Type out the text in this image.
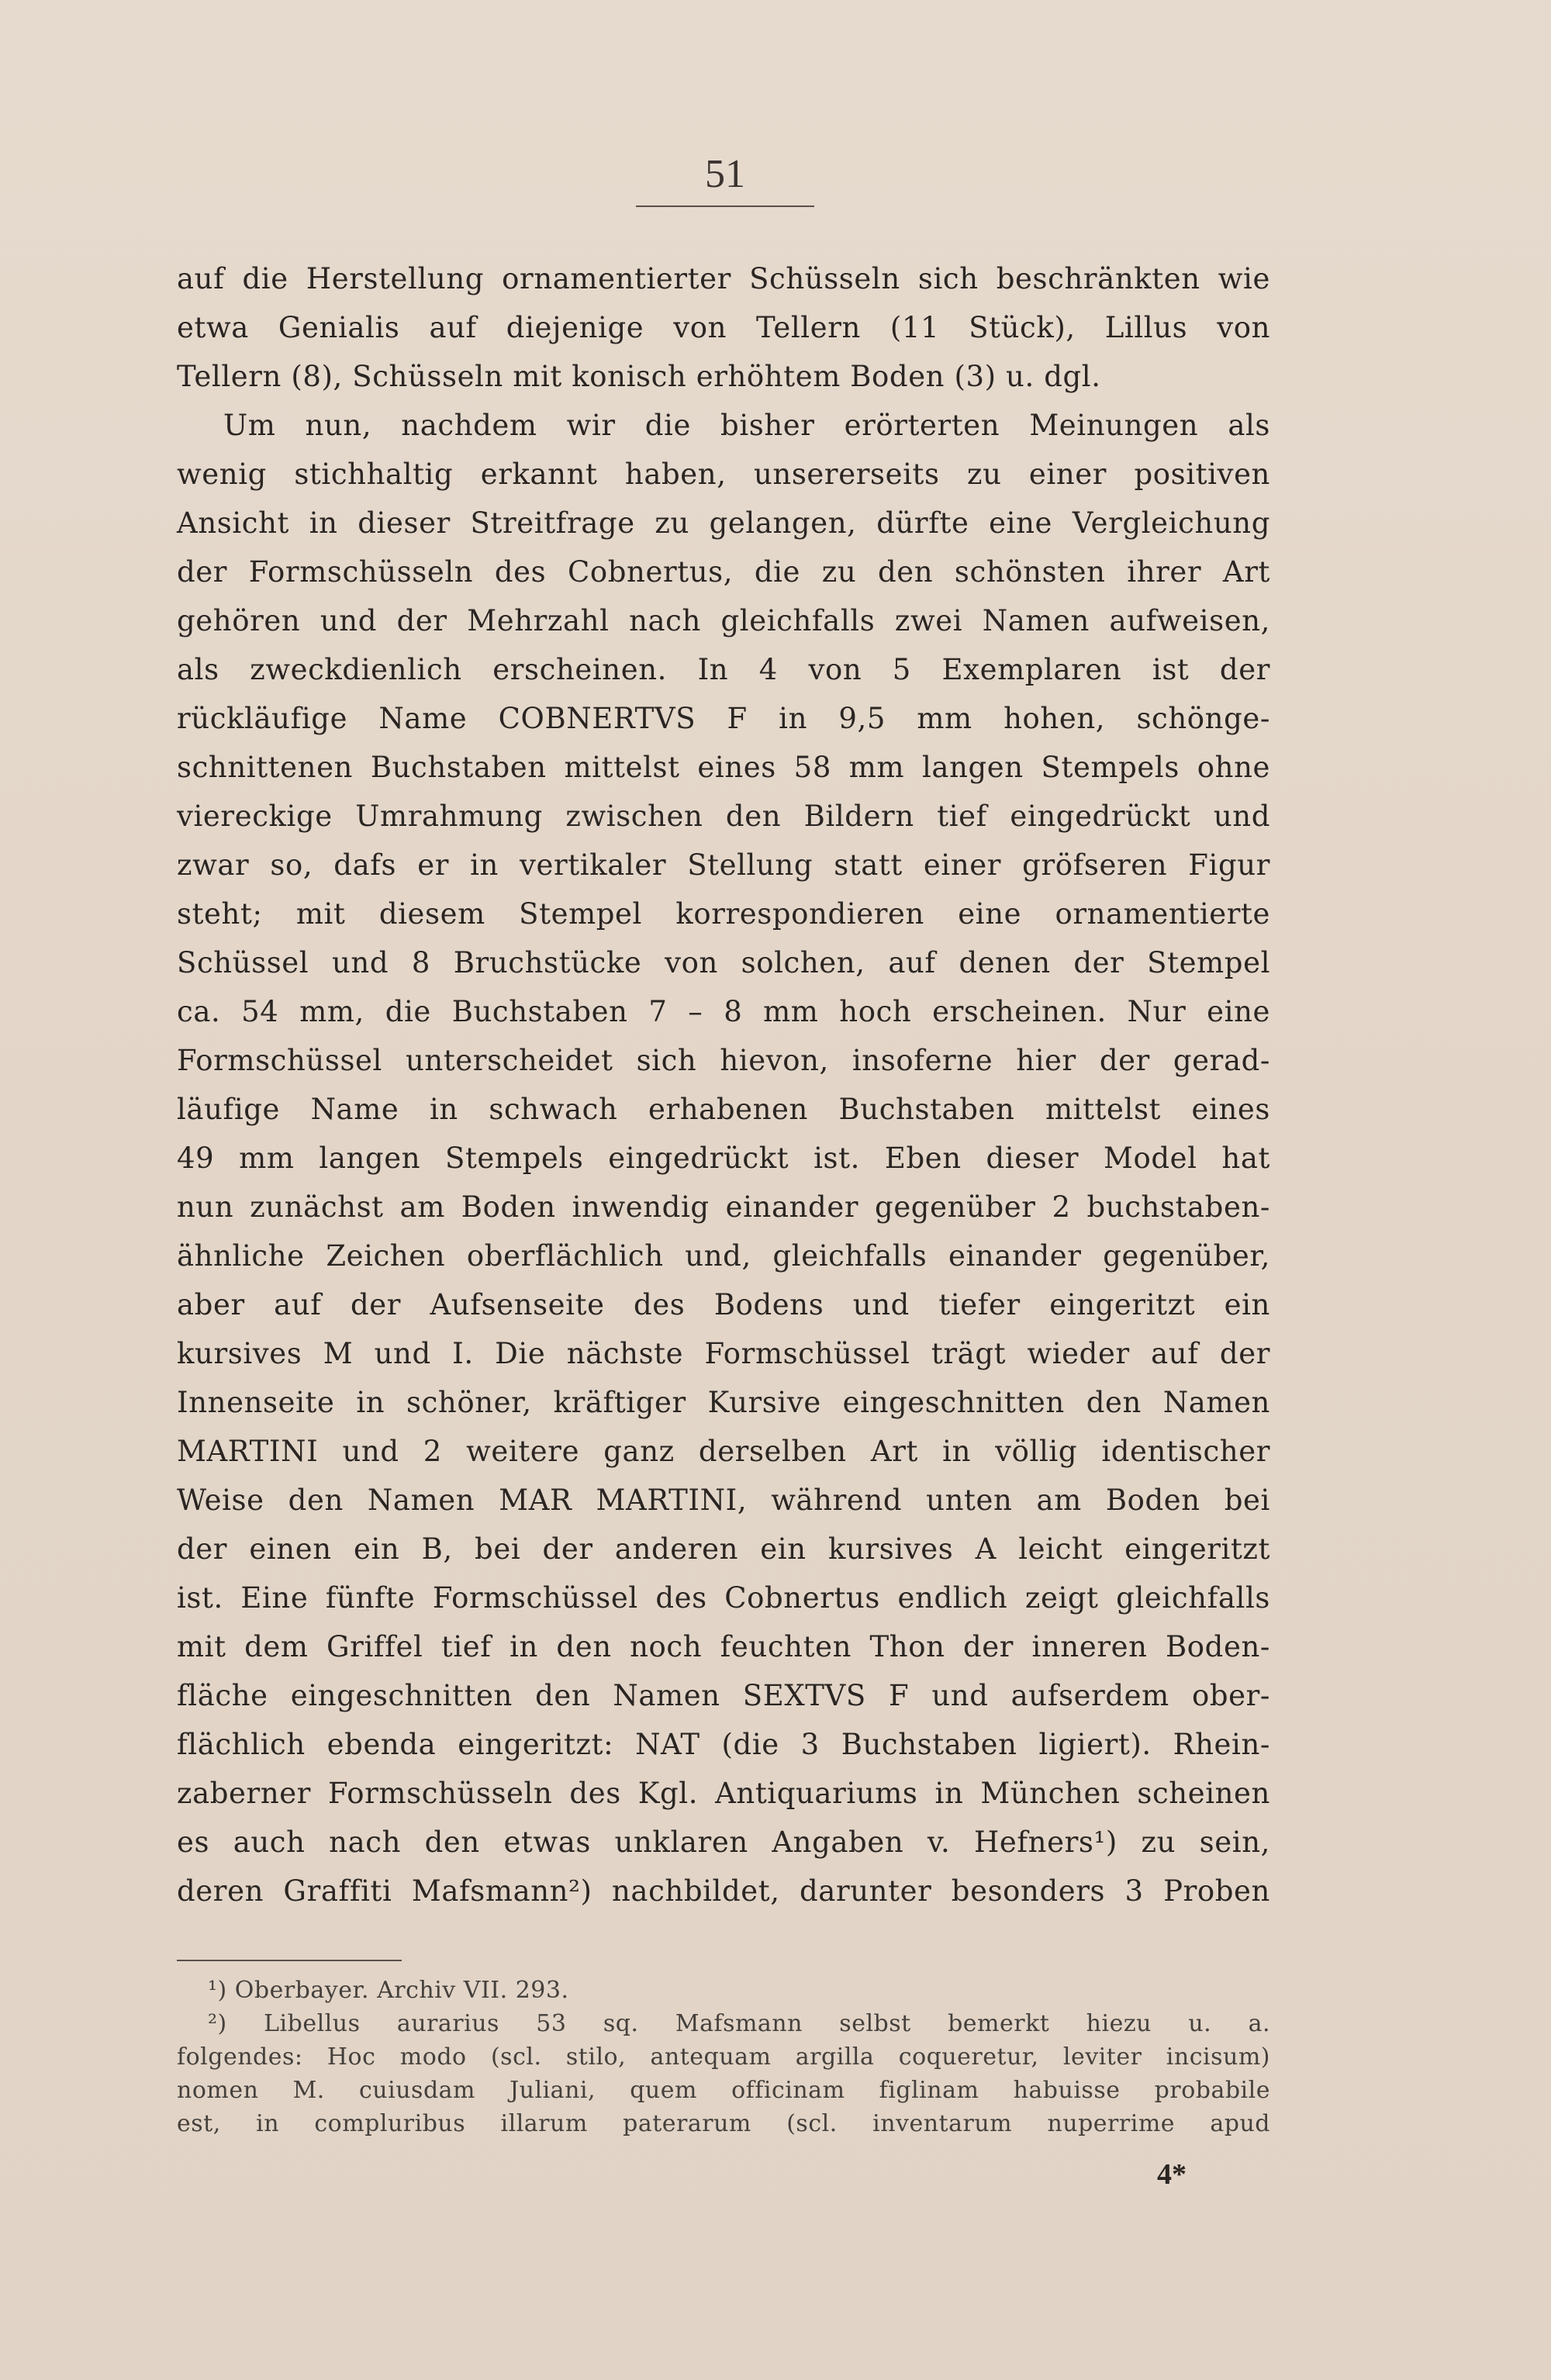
51
auf die Herstellung ornamentierter Schüsseln sich beschränkten wie
etwa Genialis auf diejenige von Tellern (11 Stück), Lillus von
Tellern (8), Schüsseln mit konisch erhöhtem Boden (3) u. dgl.
Um nun, nachdem wir die bisher erörterten Meinungen als
wenig stichhaltig erkannt haben, unsererseits zu einer positiven
Ansicht in dieser Streitfrage zu gelangen, dürfte eine Vergleichung
der Formschüsseln des Cobnertus, die zu den schönsten ihrer Art
gehören und der Mehrzahl nach gleichfalls zwei Namen aufweisen,
als zweckdienlich erscheinen. In 4 von 5 Exemplaren ist der
rückläufige Name COBNERTVS F in 9,5 mm hohen, schönge-
schnittenen Buchstaben mittelst eines 58 mm langen Stempels ohne
viereckige Umrahmung zwischen den Bildern tief eingedrückt und
zwar so, dafs er in vertikaler Stellung statt einer gröfseren Figur
steht; mit diesem Stempel korrespondieren eine ornamentierte
Schüssel und 8 Bruchstücke von solchen, auf denen der Stempel
ca. 54 mm, die Buchstaben 7 – 8 mm hoch erscheinen. Nur eine
Formschüssel unterscheidet sich hievon, insoferne hier der gerad-
läufige Name in schwach erhabenen Buchstaben mittelst eines
49 mm langen Stempels eingedrückt ist. Eben dieser Model hat
nun zunächst am Boden inwendig einander gegenüber 2 buchstaben-
ähnliche Zeichen oberflächlich und, gleichfalls einander gegenüber,
aber auf der Aufsenseite des Bodens und tiefer eingeritzt ein
kursives M und I. Die nächste Formschüssel trägt wieder auf der
Innenseite in schöner, kräftiger Kursive eingeschnitten den Namen
MARTINI und 2 weitere ganz derselben Art in völlig identischer
Weise den Namen MAR MARTINI, während unten am Boden bei
der einen ein B, bei der anderen ein kursives A leicht eingeritzt
ist. Eine fünfte Formschüssel des Cobnertus endlich zeigt gleichfalls
mit dem Griffel tief in den noch feuchten Thon der inneren Boden-
fläche eingeschnitten den Namen SEXTVS F und aufserdem ober-
flächlich ebenda eingeritzt: NAT (die 3 Buchstaben ligiert). Rhein-
zaberner Formschüsseln des Kgl. Antiquariums in München scheinen
es auch nach den etwas unklaren Angaben v. Hefners¹) zu sein,
deren Graffiti Mafsmann²) nachbildet, darunter besonders 3 Proben
¹) Oberbayer. Archiv VII. 293.
²) Libellus aurarius 53 sq. Mafsmann selbst bemerkt hiezu u. a.
folgendes: Hoc modo (scl. stilo, antequam argilla coqueretur, leviter incisum)
nomen M. cuiusdam Juliani, quem officinam figlinam habuisse probabile
est, in compluribus illarum paterarum (scl. inventarum nuperrime apud
4*
